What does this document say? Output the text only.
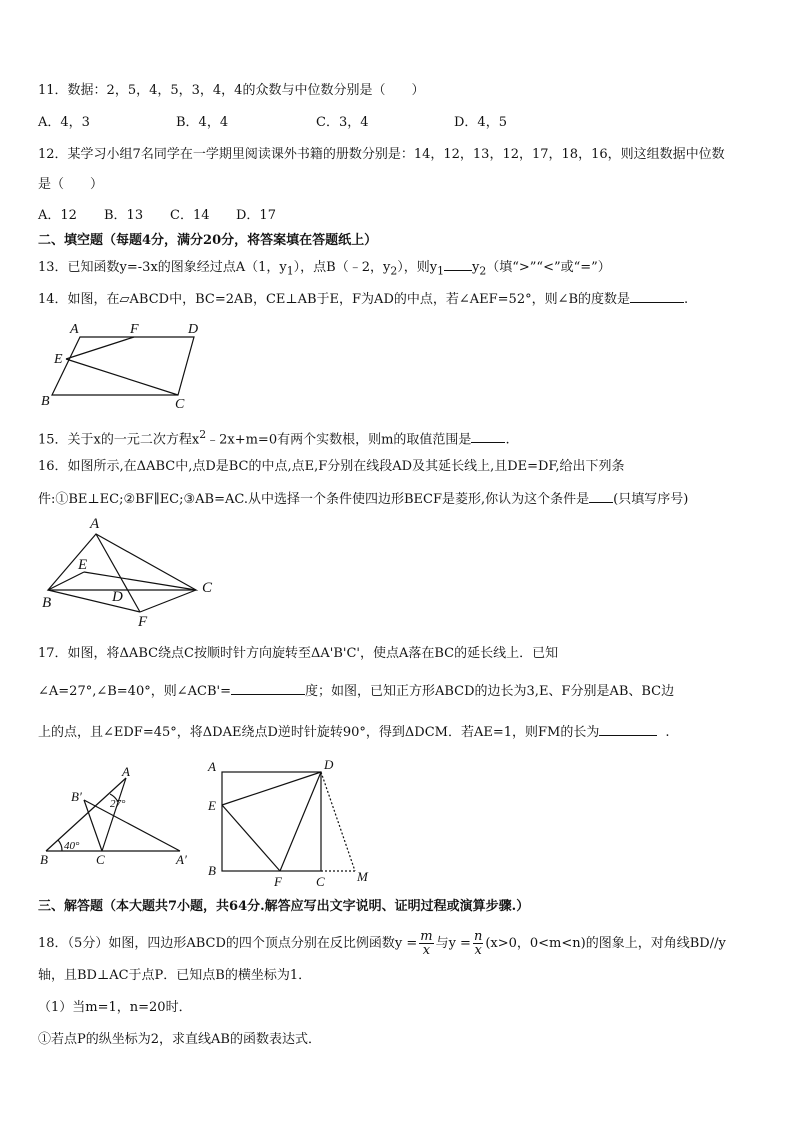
11．数据：2，5，4，5，3，4，4的众数与中位数分别是（　　）
A．4，3	B．4，4	C．3，4	D．4，5
12．某学习小组7名同学在一学期里阅读课外书籍的册数分别是：14，12，13，12，17，18，16，则这组数据中位数
是（　　）
A．12 B．13 C．14 D．17
二、填空题（每题4分，满分20分，将答案填在答题纸上）
13．已知函数y=-3x的图象经过点A（1，$y_1$），点B（﹣2，$y_2$），则$y_1$ $y_2$（填“>”“<”或“=”）
14．如图，在▱ABCD中，BC=2AB，CE⊥AB于E，F为AD的中点，若∠AEF=52°，则∠B的度数是	.
A	F	D
E
B	C
15．关于x的一元二次方程$x^2﹣2x+m=0$有两个实数根，则m的取值范围是	.
16．如图所示,在ΔABC中,点D是BC的中点,点E,F分别在线段AD及其延长线上,且DE=DF,给出下列条
件:①BE⊥EC;②BF∥EC;③AB=AC.从中选择一个条件使四边形BECF是菱形,你认为这个条件是 (只填写序号)
A
E
B	D
C
F
17．如图，将ΔABC绕点C按顺时针方向旋转至ΔA'B'C'，使点A落在BC的延长线上．已知
∠A=27°,∠B=40°，则∠ACB'=	度；如图，已知正方形ABCD的边长为3,E、F分别是AB、BC边
上的点，且∠EDF=45°，将ΔDAE绕点D逆时针旋转90°，得到ΔDCM．若AE=1，则FM的长为	.
A
B′	27°
40°
B	C	A′
A	D
E
B
F	C M
三、解答题（本大题共7小题，共64分.解答应写出文字说明、证明过程或演算步骤.）
18．（5分）如图，四边形ABCD的四个顶点分别在反比例函数$y = \frac{m}{x}$ 与$y = \frac{n}{x} (x>0$，0<m<n)的图象上，对角线BD//y
轴，且BD⊥AC于点P．已知点B的横坐标为1．
（1）当m=1，n=20时．
①若点P的纵坐标为2，求直线AB的函数表达式．
